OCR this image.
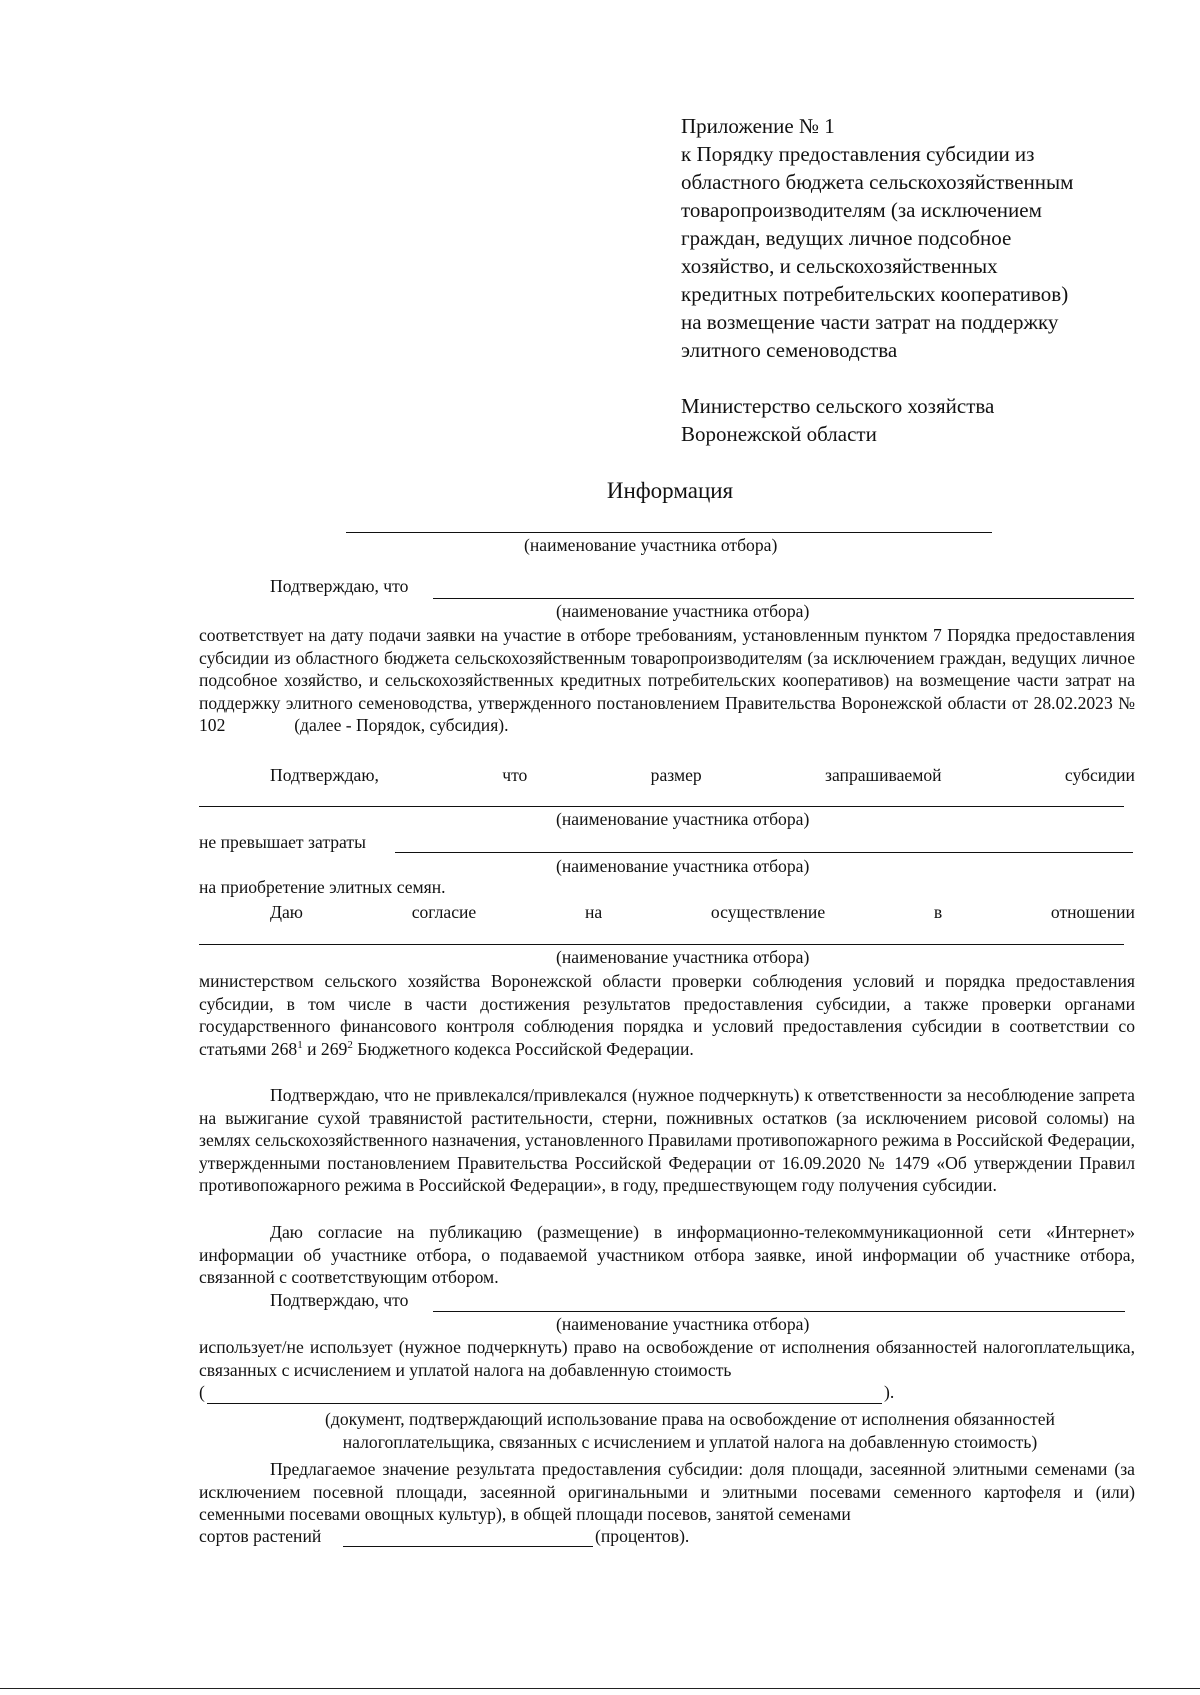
Приложение № 1
к Порядку предоставления субсидии из
областного бюджета сельскохозяйственным
товаропроизводителям (за исключением
граждан, ведущих личное подсобное
хозяйство, и сельскохозяйственных
кредитных потребительских кооперативов)
на возмещение части затрат на поддержку
элитного семеноводства
Министерство сельского хозяйства
Воронежской области
Информация
(наименование участника отбора)
Подтверждаю, что
(наименование участника отбора)
соответствует на дату подачи заявки на участие в отборе требованиям, установленным пунктом 7 Порядка предоставления субсидии из областного бюджета сельскохозяйственным товаропроизводителям (за исключением граждан, ведущих личное подсобное хозяйство, и сельскохозяйственных кредитных потребительских кооперативов) на возмещение части затрат на поддержку элитного семеноводства, утвержденного постановлением Правительства Воронежской области от 28.02.2023 № 102	(далее - Порядок, субсидия).
Подтверждаю,	что	размер	запрашиваемой	субсидии
(наименование участника отбора)
не превышает затраты
(наименование участника отбора)
на приобретение элитных семян.
Даю	согласие	на	осуществление	в	отношении
(наименование участника отбора)
министерством сельского хозяйства Воронежской области проверки соблюдения условий и порядка предоставления субсидии, в том числе в части достижения результатов предоставления субсидии, а также проверки органами государственного финансового контроля соблюдения порядка и условий предоставления субсидии в соответствии со статьями $268^1$ и $269^2$ Бюджетного кодекса Российской Федерации.
Подтверждаю, что не привлекался/привлекался (нужное подчеркнуть) к ответственности за несоблюдение запрета на выжигание сухой травянистой растительности, стерни, пожнивных остатков (за исключением рисовой соломы) на землях сельскохозяйственного назначения, установленного Правилами противопожарного режима в Российской Федерации, утвержденными постановлением Правительства Российской Федерации от 16.09.2020 № 1479 «Об утверждении Правил противопожарного режима в Российской Федерации», в году, предшествующем году получения субсидии.
Даю согласие на публикацию (размещение) в информационно-телекоммуникационной сети «Интернет» информации об участнике отбора, о подаваемой участником отбора заявке, иной информации об участнике отбора, связанной с соответствующим отбором.
Подтверждаю, что
(наименование участника отбора)
использует/не использует (нужное подчеркнуть) право на освобождение от исполнения обязанностей налогоплательщика, связанных с исчислением и уплатой налога на добавленную стоимость
(	).
(документ, подтверждающий использование права на освобождение от исполнения обязанностей
налогоплательщика, связанных с исчислением и уплатой налога на добавленную стоимость)
Предлагаемое значение результата предоставления субсидии: доля площади, засеянной элитными семенами (за исключением посевной площади, засеянной оригинальными и элитными посевами семенного картофеля и (или) семенными посевами овощных культур), в общей площади посевов, занятой семенами
сортов растений	(процентов).
